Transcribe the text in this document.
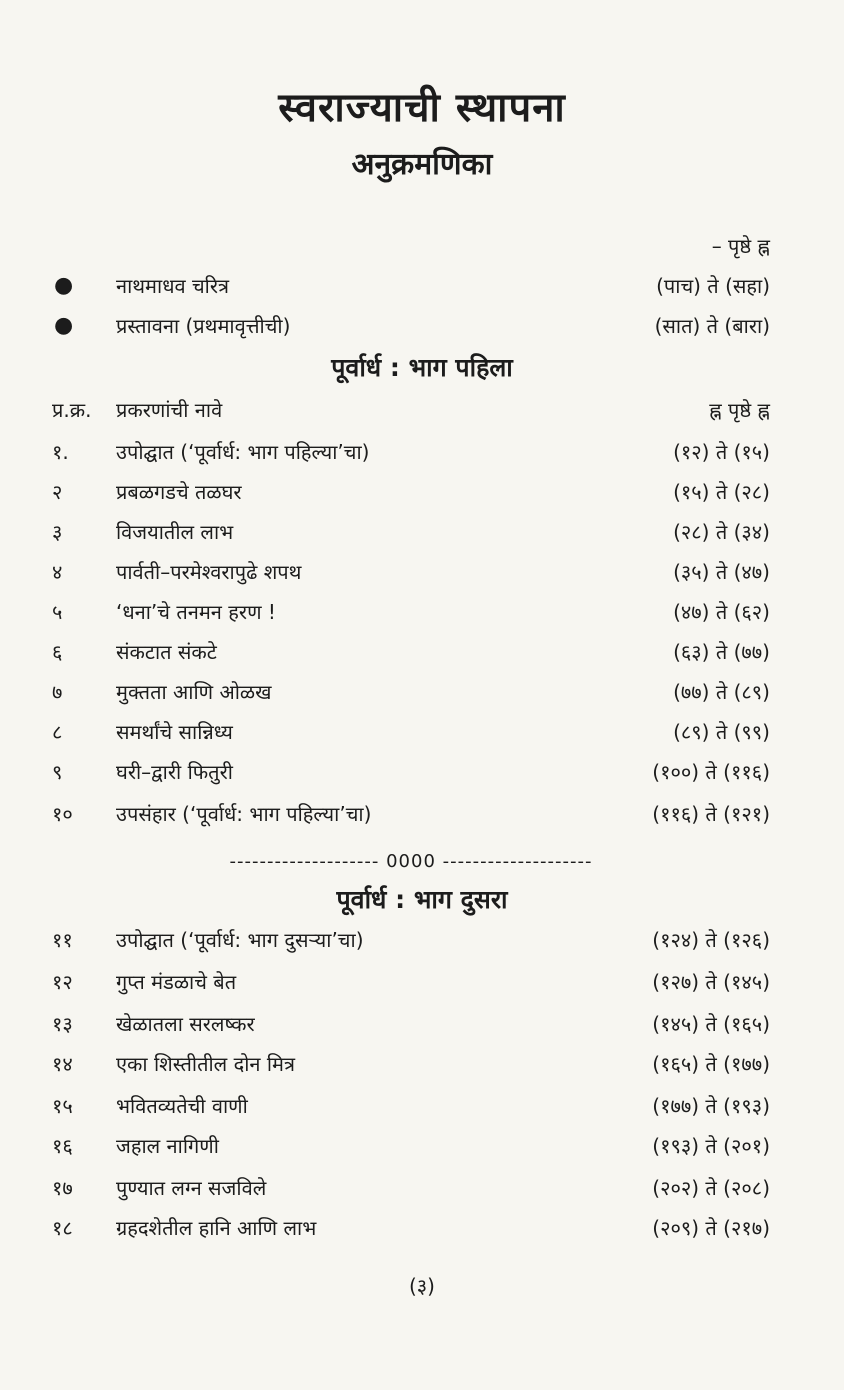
स्वराज्याची स्थापना
अनुक्रमणिका
– पृष्ठे ह्न
● नाथमाधव चरित्र	(पाच) ते (सहा)
● प्रस्तावना (प्रथमावृत्तीची)	(सात) ते (बारा)
पूर्वार्ध : भाग पहिला
प्र.क्र. प्रकरणांची नावे	ह्न पृष्ठे ह्न
१. उपोद्घात (‘पूर्वार्ध: भाग पहिल्या’चा)	(१२) ते (१५)
२	प्रबळगडचे तळघर	(१५) ते (२८)
३	विजयातील लाभ	(२८) ते (३४)
४	पार्वती–परमेश्वरापुढे शपथ	(३५) ते (४७)
५	‘धना’चे तनमन हरण !	(४७) ते (६२)
६	संकटात संकटे	(६३) ते (७७)
७	मुक्तता आणि ओळख	(७७) ते (८९)
८	समर्थांचे सान्निध्य	(८९) ते (९९)
९	घरी–द्वारी फितुरी	(१००) ते (११६)
१० उपसंहार (‘पूर्वार्ध: भाग पहिल्या’चा)	(११६) ते (१२१)
-------------------- 0000 --------------------
पूर्वार्ध : भाग दुसरा
११ उपोद्घात (‘पूर्वार्ध: भाग दुसऱ्या’चा)	(१२४) ते (१२६)
१२ गुप्त मंडळाचे बेत	(१२७) ते (१४५)
१३ खेळातला सरलष्कर	(१४५) ते (१६५)
१४ एका शिस्तीतील दोन मित्र	(१६५) ते (१७७)
१५ भवितव्यतेची वाणी	(१७७) ते (१९३)
१६ जहाल नागिणी	(१९३) ते (२०१)
१७ पुण्यात लग्न सजविले	(२०२) ते (२०८)
१८ ग्रहदशेतील हानि आणि लाभ	(२०९) ते (२१७)
(३)
